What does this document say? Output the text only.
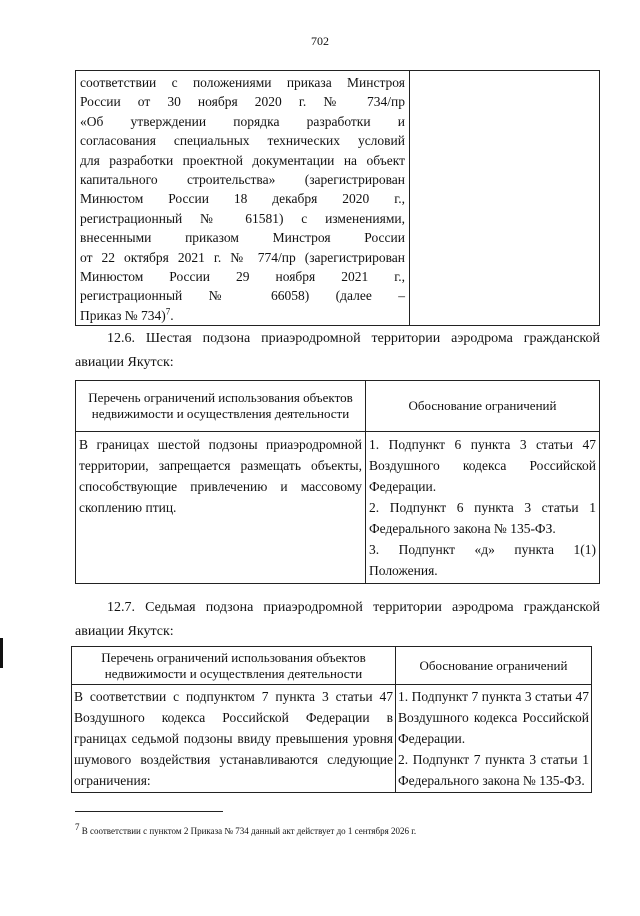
702
соответствии с положениями приказа Минстроя
России от 30 ноября 2020 г. № 734/пр
«Об утверждении порядка разработки и
согласования специальных технических условий
для разработки проектной документации на объект
капитального строительства» (зарегистрирован
Минюстом России 18 декабря 2020 г.,
регистрационный № 61581) с изменениями,
внесенными приказом Минстроя России
от 22 октября 2021 г. № 774/пр (зарегистрирован
Минюстом России 29 ноября 2021 г.,
регистрационный № 66058) (далее –
Приказ № 734)$^7$.

12.6. Шестая подзона приаэродромной территории аэродрома гражданской авиации Якутск:
Перечень ограничений использования объектов недвижимости и осуществления деятельности	Обоснование ограничений

В границах шестой подзоны приаэродромной территории, запрещается размещать объекты, способствующие привлечению и массовому скоплению птиц.	1. Подпункт 6 пункта 3 статьи 47 Воздушного кодекса Российской Федерации.

2. Подпункт 6 пункта 3 статьи 1 Федерального закона № 135-ФЗ.

3. Подпункт «д» пункта 1(1) Положения.

12.7. Седьмая подзона приаэродромной территории аэродрома гражданской авиации Якутск:
Перечень ограничений использования объектов недвижимости и осуществления деятельности	Обоснование ограничений

В соответствии с подпунктом 7 пункта 3 статьи 47 Воздушного кодекса Российской Федерации в границах седьмой подзоны ввиду превышения уровня шумового воздействия устанавливаются следующие ограничения:	1. Подпункт 7 пункта 3 статьи 47 Воздушного кодекса Российской Федерации.

2. Подпункт 7 пункта 3 статьи 1 Федерального закона № 135-ФЗ.

$^7$ В соответствии с пунктом 2 Приказа № 734 данный акт действует до 1 сентября 2026 г.
